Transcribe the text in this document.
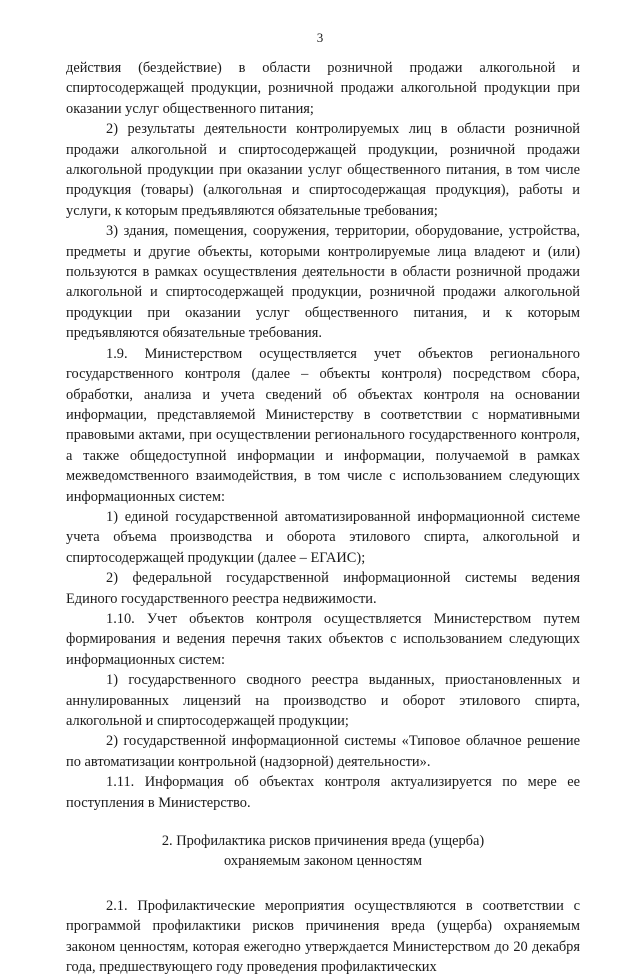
3

действия (бездействие) в области розничной продажи алкогольной и спиртосодержащей продукции, розничной продажи алкогольной продукции при оказании услуг общественного питания;

2) результаты деятельности контролируемых лиц в области розничной продажи алкогольной и спиртосодержащей продукции, розничной продажи алкогольной продукции при оказании услуг общественного питания, в том числе продукция (товары) (алкогольная и спиртосодержащая продукция), работы и услуги, к которым предъявляются обязательные требования;

3) здания, помещения, сооружения, территории, оборудование, устройства, предметы и другие объекты, которыми контролируемые лица владеют и (или) пользуются в рамках осуществления деятельности в области розничной продажи алкогольной и спиртосодержащей продукции, розничной продажи алкогольной продукции при оказании услуг общественного питания, и к которым предъявляются обязательные требования.

1.9. Министерством осуществляется учет объектов регионального государственного контроля (далее – объекты контроля) посредством сбора, обработки, анализа и учета сведений об объектах контроля на основании информации, представляемой Министерству в соответствии с нормативными правовыми актами, при осуществлении регионального государственного контроля, а также общедоступной информации и информации, получаемой в рамках межведомственного взаимодействия, в том числе с использованием следующих информационных систем:

1) единой государственной автоматизированной информационной системе учета объема производства и оборота этилового спирта, алкогольной и спиртосодержащей продукции (далее – ЕГАИС);

2) федеральной государственной информационной системы ведения Единого государственного реестра недвижимости.

1.10. Учет объектов контроля осуществляется Министерством путем формирования и ведения перечня таких объектов с использованием следующих информационных систем:

1) государственного сводного реестра выданных, приостановленных и аннулированных лицензий на производство и оборот этилового спирта, алкогольной и спиртосодержащей продукции;

2) государственной информационной системы «Типовое облачное решение по автоматизации контрольной (надзорной) деятельности».

1.11. Информация об объектах контроля актуализируется по мере ее поступления в Министерство.

2. Профилактика рисков причинения вреда (ущерба)
охраняемым законом ценностям

2.1. Профилактические мероприятия осуществляются в соответствии с программой профилактики рисков причинения вреда (ущерба) охраняемым законом ценностям, которая ежегодно утверждается Министерством до 20 декабря года, предшествующего году проведения профилактических
